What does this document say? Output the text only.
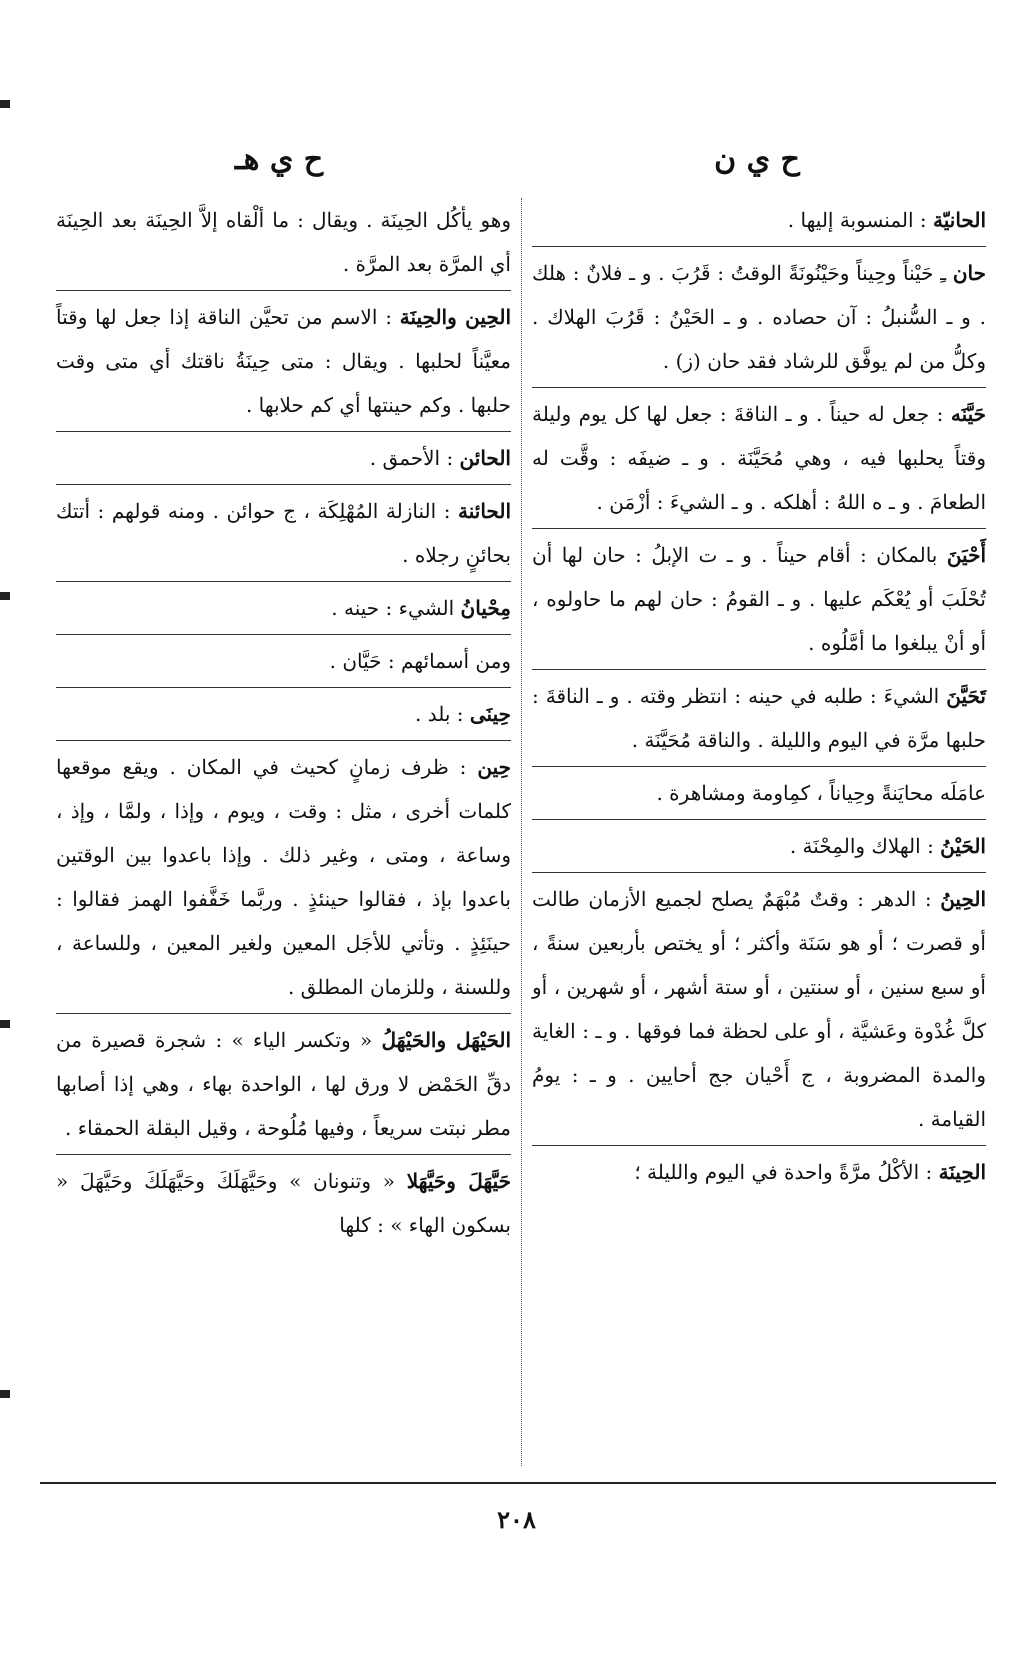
ح ي ن
ح ي هـ

الحانيّة : المنسوبة إليها .

حان ـِ حَيْناً وحِيناً وحَيْنُونَةً الوقتُ : قَرُبَ . و ـ فلانٌ : هلك . و ـ السُّنبلُ : آن حصاده . و ـ الحَيْنُ : قَرُبَ الهلاك . وكلُّ من لم يوفَّق للرشاد فقد حان (ز) .

حَيَّنَه : جعل له حيناً . و ـ الناقةَ : جعل لها كل يوم وليلة وقتاً يحلبها فيه ، وهي مُحَيَّنَة . و ـ ضيفَه : وقَّت له الطعامَ . و ـ ه اللهُ : أهلكه . و ـ الشيءَ : أزْمَن .

أَحْيَنَ بالمكان : أقام حيناً . و ـ ت الإبلُ : حان لها أن تُحْلَبَ أو يُعْكَم عليها . و ـ القومُ : حان لهم ما حاولوه ، أو أنْ يبلغوا ما أمَّلُوه .

تَحَيَّنَ الشيءَ : طلبه في حينه : انتظر وقته . و ـ الناقةَ : حلبها مرَّة في اليوم والليلة . والناقة مُحَيَّنَة .

عامَلَه محايَنةً وحِياناً ، كمِاومة ومشاهرة .

الحَيْنُ : الهلاك والمِحْنَة .

الحِينُ : الدهر : وقتٌ مُبْهَمٌ يصلح لجميع الأزمان طالت أو قصرت ؛ أو هو سَنَة وأكثر ؛ أو يختص بأربعين سنةً ، أو سبع سنين ، أو سنتين ، أو ستة أشهر ، أو شهرين ، أو كلَّ غُدْوة وعَشيَّة ، أو على لحظة فما فوقها . و ـ : الغاية والمدة المضروبة ، ج أَحْيان جج أحايين . و ـ : يومُ القيامة .

الحِينَة : الأكْلُ مرَّةً واحدة في اليوم والليلة ؛

وهو يأكُل الحِينَة . ويقال : ما ألْقاه إلاَّ الحِينَة بعد الحِينَة أي المرَّة بعد المرَّة .

الحِين والحِينَة : الاسم من تحيَّن الناقة إذا جعل لها وقتاً معيَّناً لحلبها . ويقال : متى حِينَةُ ناقتك أي متى وقت حلبها . وكم حينتها أي كم حلابها .

الحائن : الأحمق .

الحائنة : النازلة المُهْلِكَة ، ج حوائن . ومنه قولهم : أتتك بحائنٍ رجلاه .

مِحْيانُ الشيء : حينه .

ومن أسمائهم : حَيَّان .

حِينَى : بلد .

حِين : ظرف زمانٍ كحيث في المكان . ويقع موقعها كلمات أخرى ، مثل : وقت ، ويوم ، وإذا ، ولمَّا ، وإذ ، وساعة ، ومتى ، وغير ذلك . وإذا باعدوا بين الوقتين باعدوا بإذ ، فقالوا حينئذٍ . وربَّما خَفَّفوا الهمز فقالوا : حينَئِذٍ . وتأتي للأجَل المعين ولغير المعين ، وللساعة ، وللسنة ، وللزمان المطلق .

الحَيْهَل والحَيْهَلُ « وتكسر الياء » : شجرة قصيرة من دقِّ الحَمْض لا ورق لها ، الواحدة بهاء ، وهي إذا أصابها مطر نبتت سريعاً ، وفيها مُلُوحة ، وقيل البقلة الحمقاء .

حَيَّهَلَ وحَيَّهَلا « وتنونان » وحَيَّهَلَكَ وحَيَّهَلَكَ وحَيَّهَلَ « بسكون الهاء » : كلها

٢٠٨
